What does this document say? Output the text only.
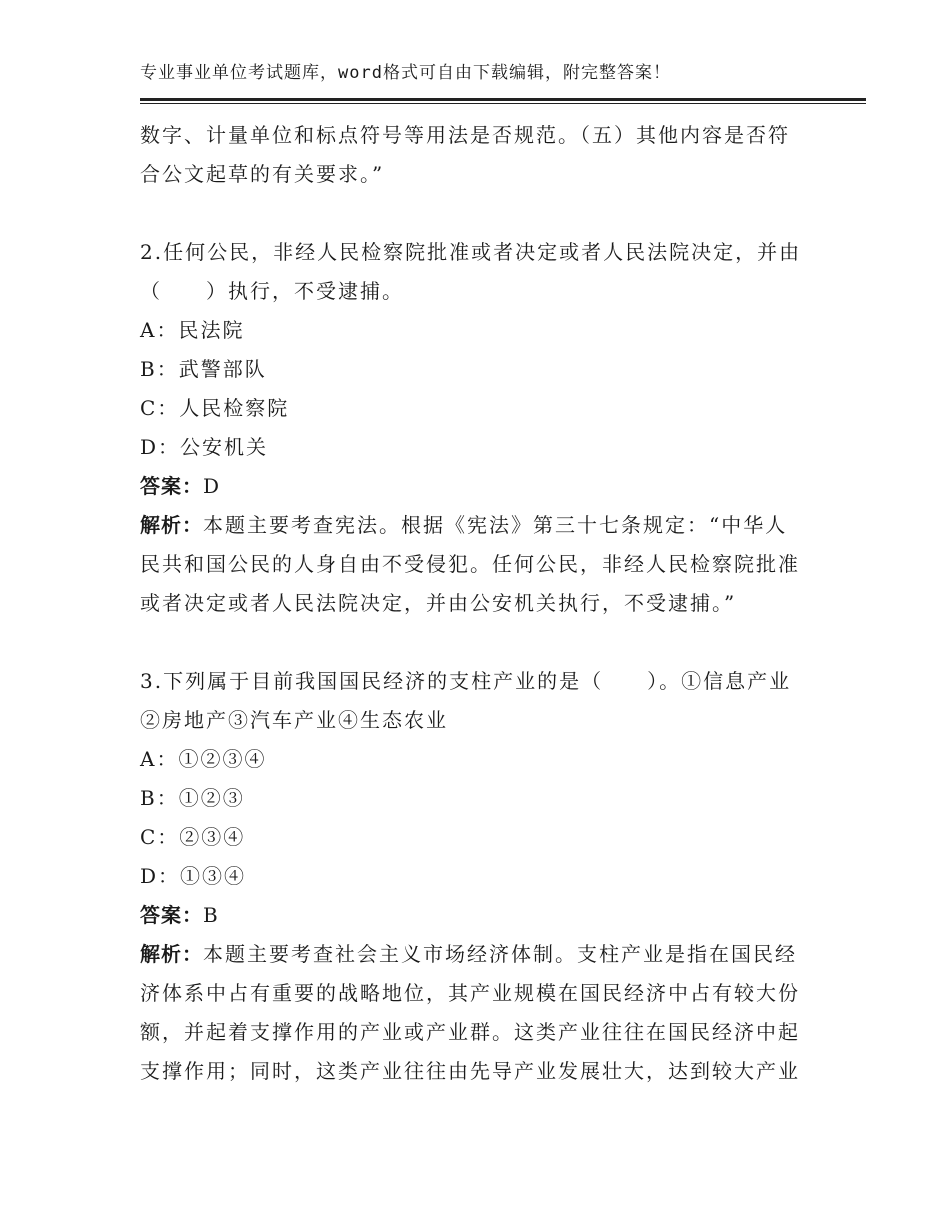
专业事业单位考试题库，word格式可自由下载编辑，附完整答案！
数字、计量单位和标点符号等用法是否规范。（五）其他内容是否符
合公文起草的有关要求。”
2.任何公民，非经人民检察院批准或者决定或者人民法院决定，并由
（　　）执行，不受逮捕。
A：民法院
B：武警部队
C：人民检察院
D：公安机关
答案：D
解析：本题主要考查宪法。根据《宪法》第三十七条规定：“中华人
民共和国公民的人身自由不受侵犯。任何公民，非经人民检察院批准
或者决定或者人民法院决定，并由公安机关执行，不受逮捕。”
3.下列属于目前我国国民经济的支柱产业的是（　　）。①信息产业
②房地产③汽车产业④生态农业
A：①②③④
B：①②③
C：②③④
D：①③④
答案：B
解析：本题主要考查社会主义市场经济体制。支柱产业是指在国民经
济体系中占有重要的战略地位，其产业规模在国民经济中占有较大份
额，并起着支撑作用的产业或产业群。这类产业往往在国民经济中起
支撑作用；同时，这类产业往往由先导产业发展壮大，达到较大产业
